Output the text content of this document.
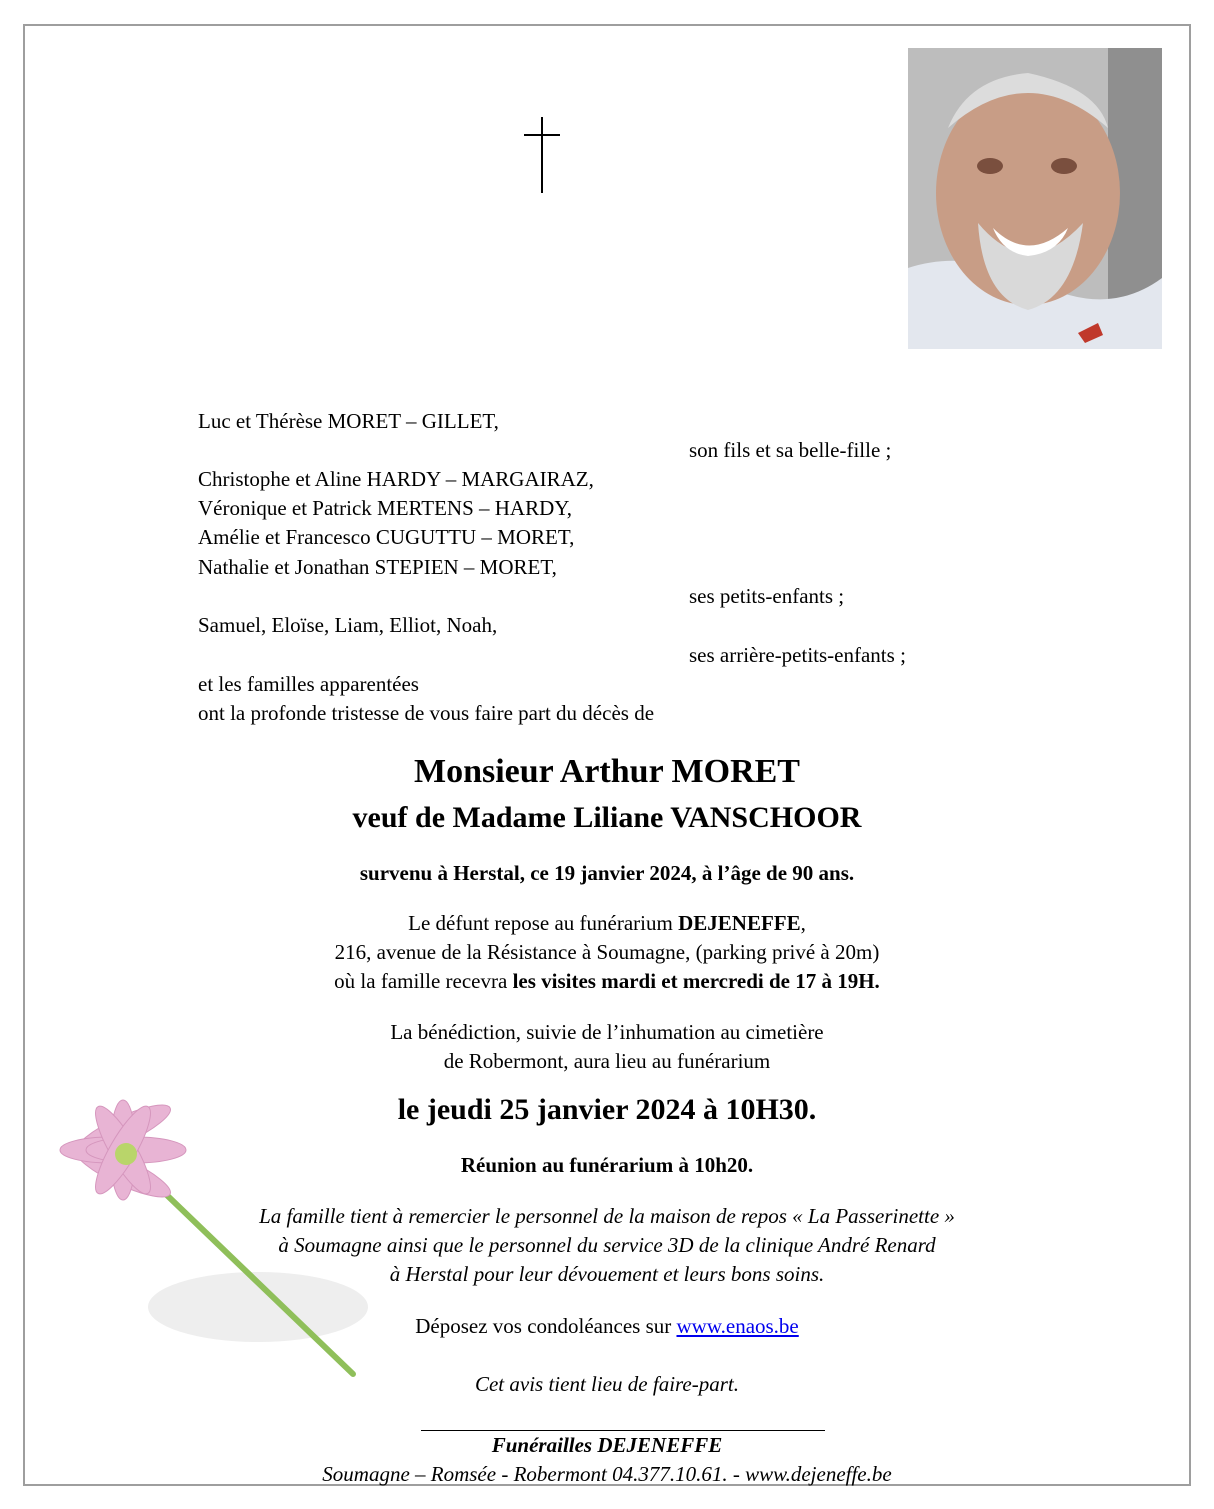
Luc et Thérèse MORET – GILLET,
son fils et sa belle-fille ;
Christophe et Aline HARDY – MARGAIRAZ,
Véronique et Patrick MERTENS – HARDY,
Amélie et Francesco CUGUTTU – MORET,
Nathalie et Jonathan STEPIEN – MORET,
ses petits-enfants ;
Samuel, Eloïse, Liam, Elliot, Noah,
ses arrière-petits-enfants ;
et les familles apparentées
ont la profonde tristesse de vous faire part du décès de
Monsieur Arthur MORET
veuf de Madame Liliane VANSCHOOR
survenu à Herstal, ce 19 janvier 2024, à l’âge de 90 ans.
Le défunt repose au funérarium DEJENEFFE,
216, avenue de la Résistance à Soumagne, (parking privé à 20m)
où la famille recevra les visites mardi et mercredi de 17 à 19H.
La bénédiction, suivie de l’inhumation au cimetière
de Robermont, aura lieu au funérarium
le jeudi 25 janvier 2024 à 10H30.
Réunion au funérarium à 10h20.
La famille tient à remercier le personnel de la maison de repos « La Passerinette »
à Soumagne ainsi que le personnel du service 3D de la clinique André Renard
à Herstal pour leur dévouement et leurs bons soins.
Déposez vos condoléances sur www.enaos.be
Cet avis tient lieu de faire-part.
Funérailles DEJENEFFE
Soumagne – Romsée - Robermont 04.377.10.61. - www.dejeneffe.be
